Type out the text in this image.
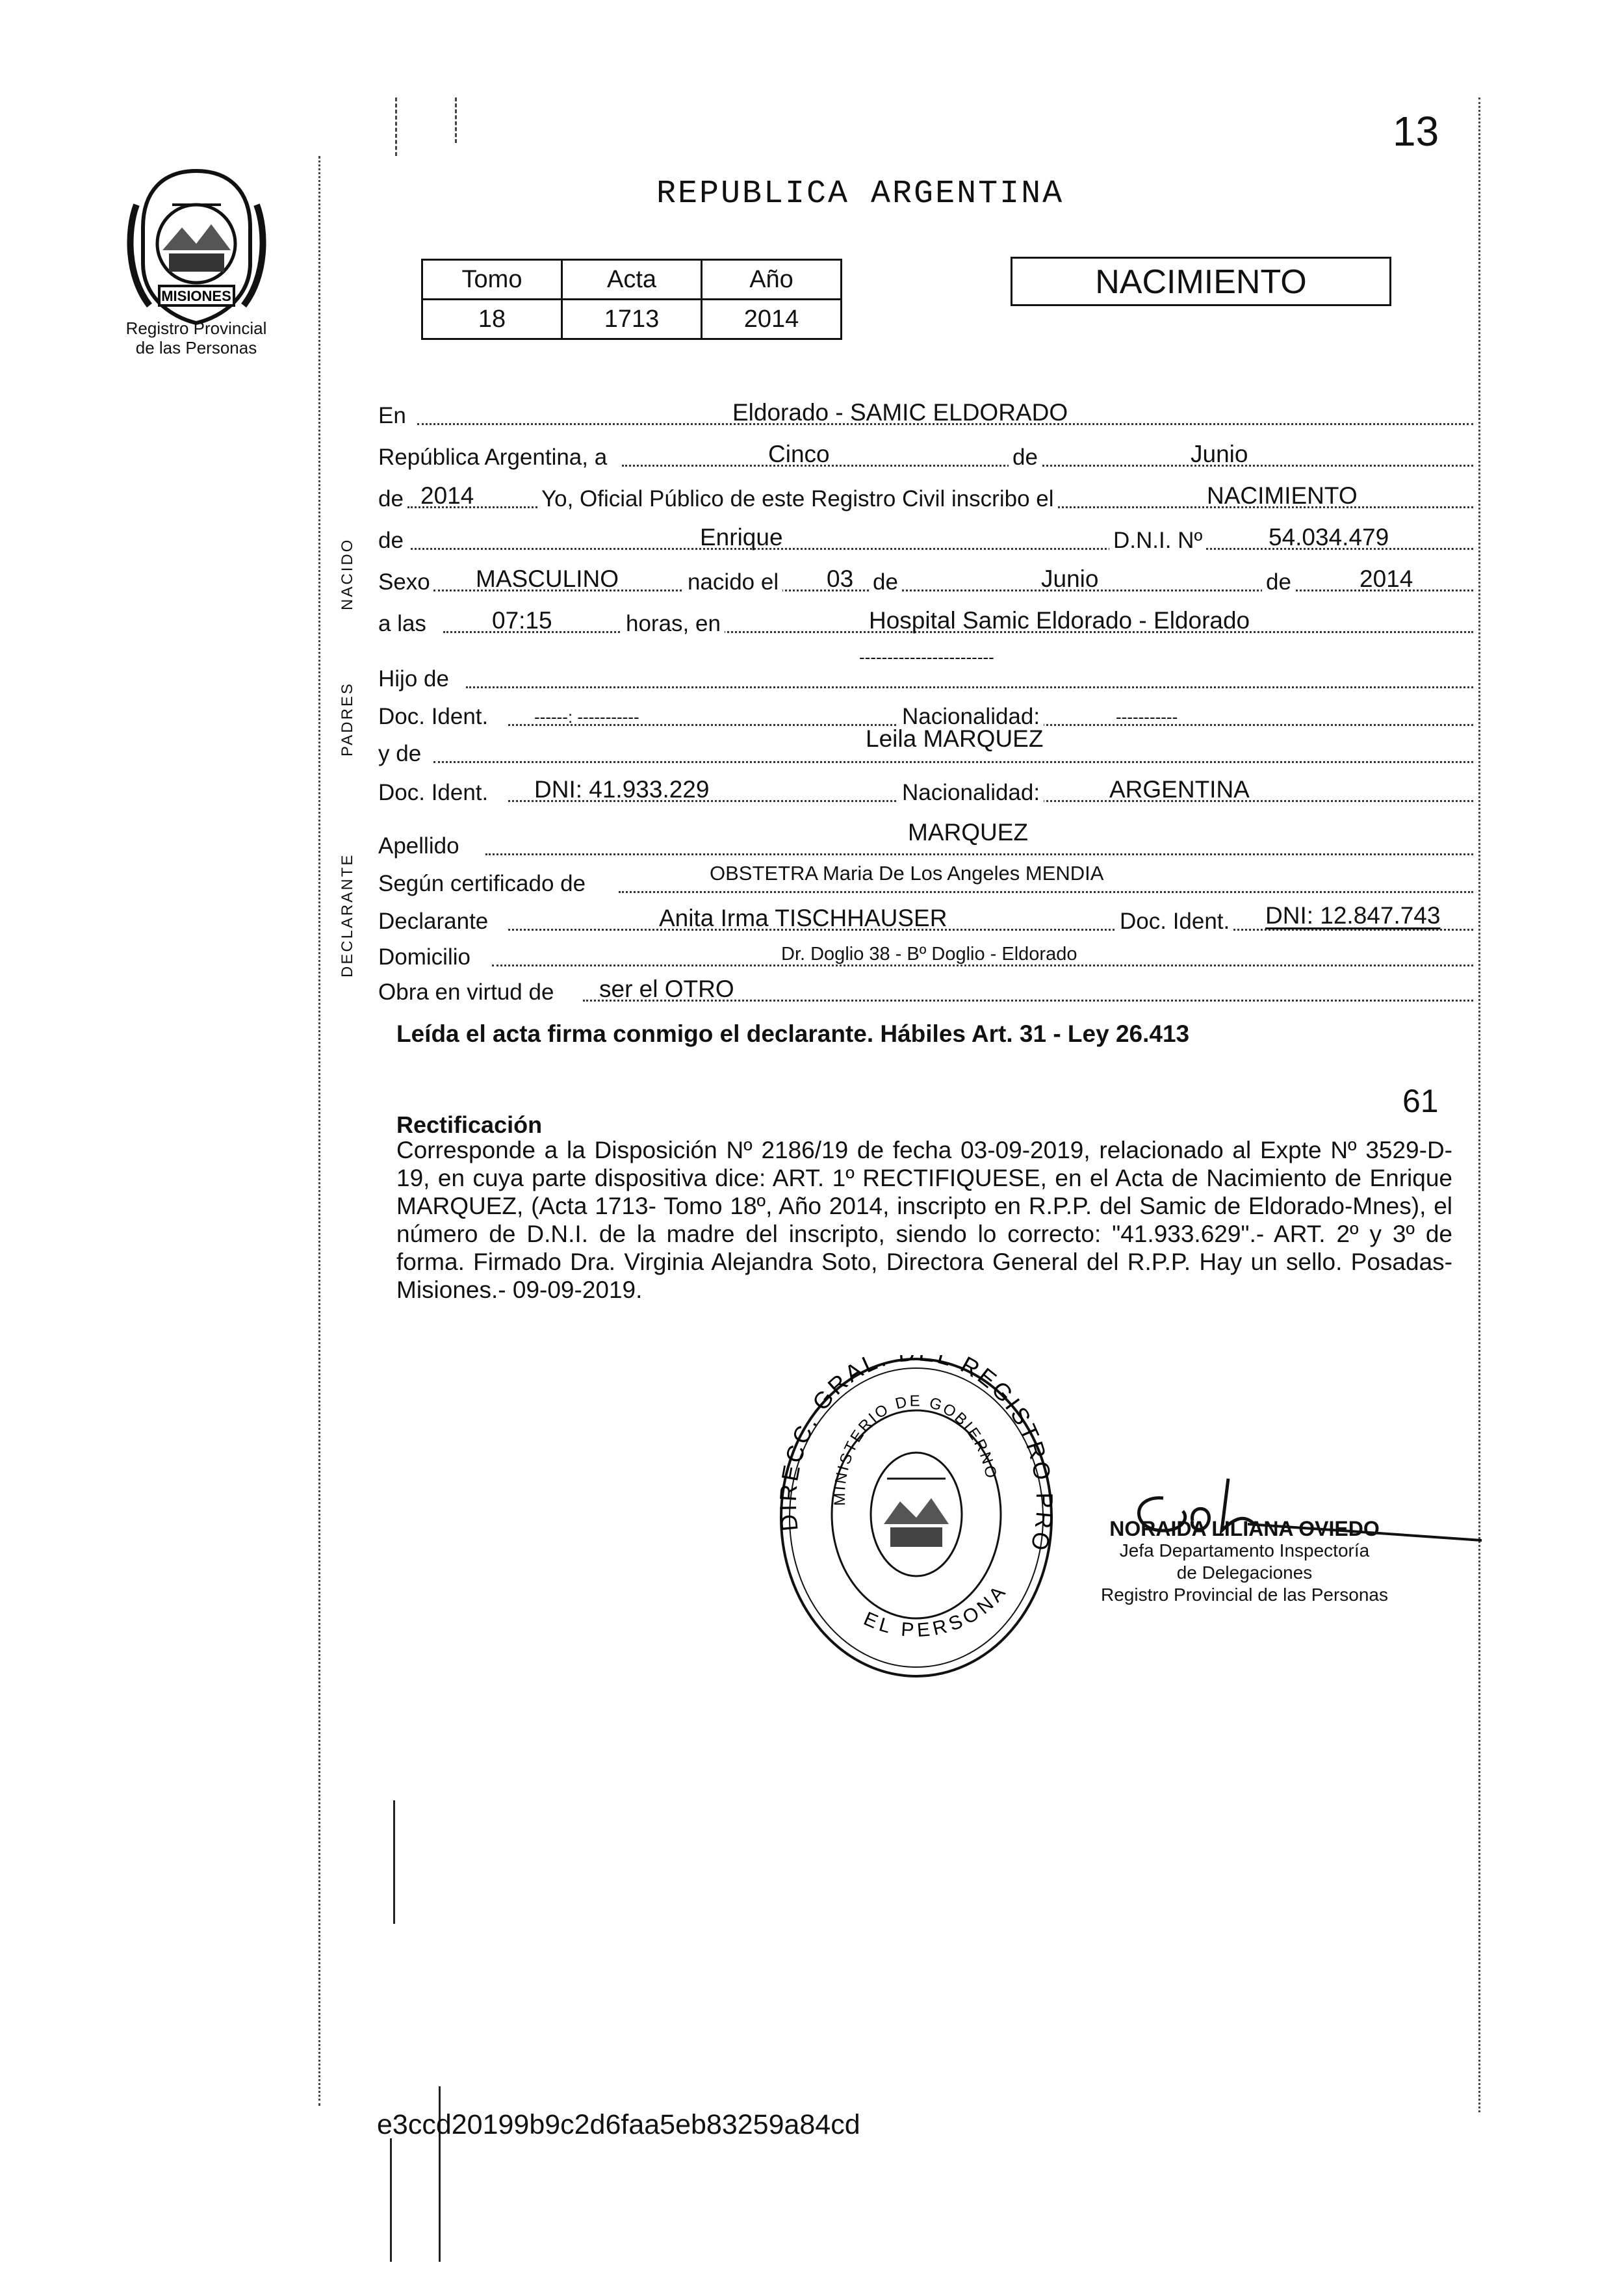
13
MISIONES
Registro Provincial
de las Personas
REPUBLICA ARGENTINA
Tomo	Acta	Año
18	1713	2014
NACIMIENTO
NACIDO
PADRES
DECLARANTE
En	Eldorado - SAMIC ELDORADO
República Argentina, a	Cinco	de	Junio
de 2014	Yo, Oficial Público de este Registro Civil inscribo el	NACIMIENTO
de	Enrique	D.N.I. Nº	54.034.479
Sexo MASCULINO	nacido el 03 de	Junio	de	2014
a las	07:15	horas, en	Hospital Samic Eldorado - Eldorado
Hijo de
------------------------
Doc. Ident.	------: -----------	Nacionalidad:	-----------
y de
Leila MARQUEZ
Doc. Ident. DNI: 41.933.229	Nacionalidad:	ARGENTINA
Apellido
MARQUEZ
Según certificado de	OBSTETRA Maria De Los Angeles MENDIA
Declarante	Anita Irma TISCHHAUSER	Doc. Ident. DNI: 12.847.743
Domicilio	Dr. Doglio 38 - Bº Doglio - Eldorado
Obra en virtud de ser el OTRO
Leída el acta firma conmigo el declarante. Hábiles Art. 31 - Ley 26.413
61
Rectificación
Corresponde a la Disposición Nº 2186/19 de fecha 03-09-2019, relacionado al Expte Nº 3529-D-19, en cuya parte dispositiva dice: ART. 1º RECTIFIQUESE, en el Acta de Nacimiento de Enrique MARQUEZ, (Acta 1713- Tomo 18º, Año 2014, inscripto en R.P.P. del Samic de Eldorado-Mnes), el número de D.N.I. de la madre del inscripto, siendo lo correcto: "41.933.629".- ART. 2º y 3º de forma. Firmado Dra. Virginia Alejandra Soto, Directora General del R.P.P. Hay un sello. Posadas- Misiones.- 09-09-2019.
DIRECC. GRAL. L REGISTRO PRO
MINISTERIO DE GOBIERNO
EL PERSONA
NORAIDA LILIANA OVIEDO
Jefa Departamento Inspectoría
de Delegaciones
Registro Provincial de las Personas
e3ccd20199b9c2d6faa5eb83259a84cd
